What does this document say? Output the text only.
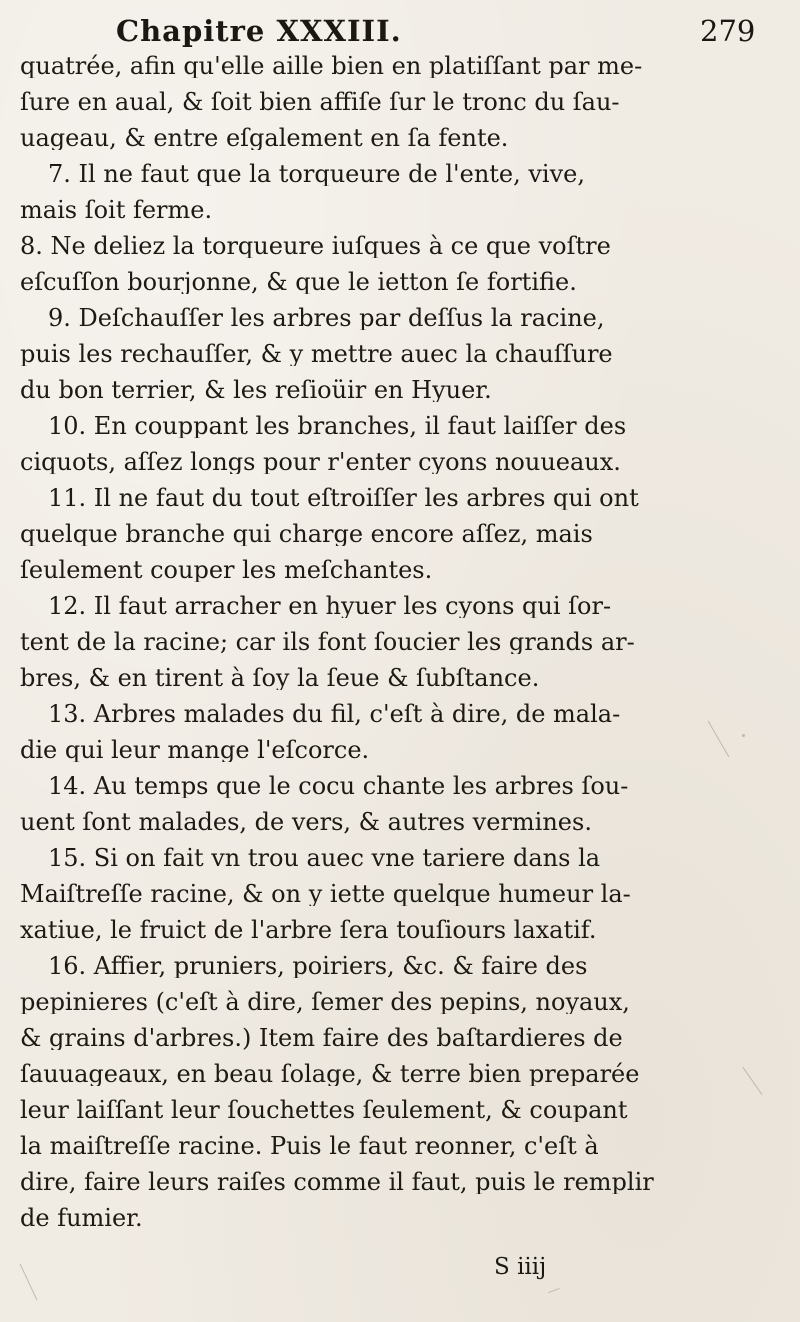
Chapitre XXXIII.	279
quatrée, afin qu'elle aille bien en platiſſant par me-
ſure en aual, & ſoit bien affiſe ſur le tronc du ſau-
uageau, & entre eſgalement en ſa fente.
7. Il ne faut que la torqueure de l'ente, vive,
mais ſoit ferme.
8. Ne deliez la torqueure iuſques à ce que voſtre
eſcuſſon bourjonne, & que le ietton ſe fortifie.
9. Deſchauſſer les arbres par deſſus la racine,
puis les rechauſſer, & y mettre auec la chauſſure
du bon terrier, & les reſioüir en Hyuer.
10. En couppant les branches, il faut laiſſer des
ciquots, aſſez longs pour r'enter cyons nouueaux.
11. Il ne faut du tout eſtroiſſer les arbres qui ont
quelque branche qui charge encore aſſez, mais
ſeulement couper les meſchantes.
12. Il faut arracher en hyuer les cyons qui ſor-
tent de la racine; car ils font ſoucier les grands ar-
bres, & en tirent à ſoy la ſeue & ſubſtance.
13. Arbres malades du fil, c'eſt à dire, de mala-
die qui leur mange l'eſcorce.
14. Au temps que le cocu chante les arbres ſou-
uent ſont malades, de vers, & autres vermines.
15. Si on fait vn trou auec vne tariere dans la
Maiſtreſſe racine, & on y iette quelque humeur la-
xatiue, le fruict de l'arbre ſera touſiours laxatif.
16. Affier, pruniers, poiriers, &c. & faire des
pepinieres (c'eſt à dire, ſemer des pepins, noyaux,
& grains d'arbres.) Item faire des baſtardieres de
ſauuageaux, en beau ſolage, & terre bien preparée
leur laiſſant leur ſouchettes ſeulement, & coupant
la maiſtreſſe racine. Puis le faut reonner, c'eſt à
dire, faire leurs raiſes comme il faut, puis le remplir
de fumier.
S iiij
